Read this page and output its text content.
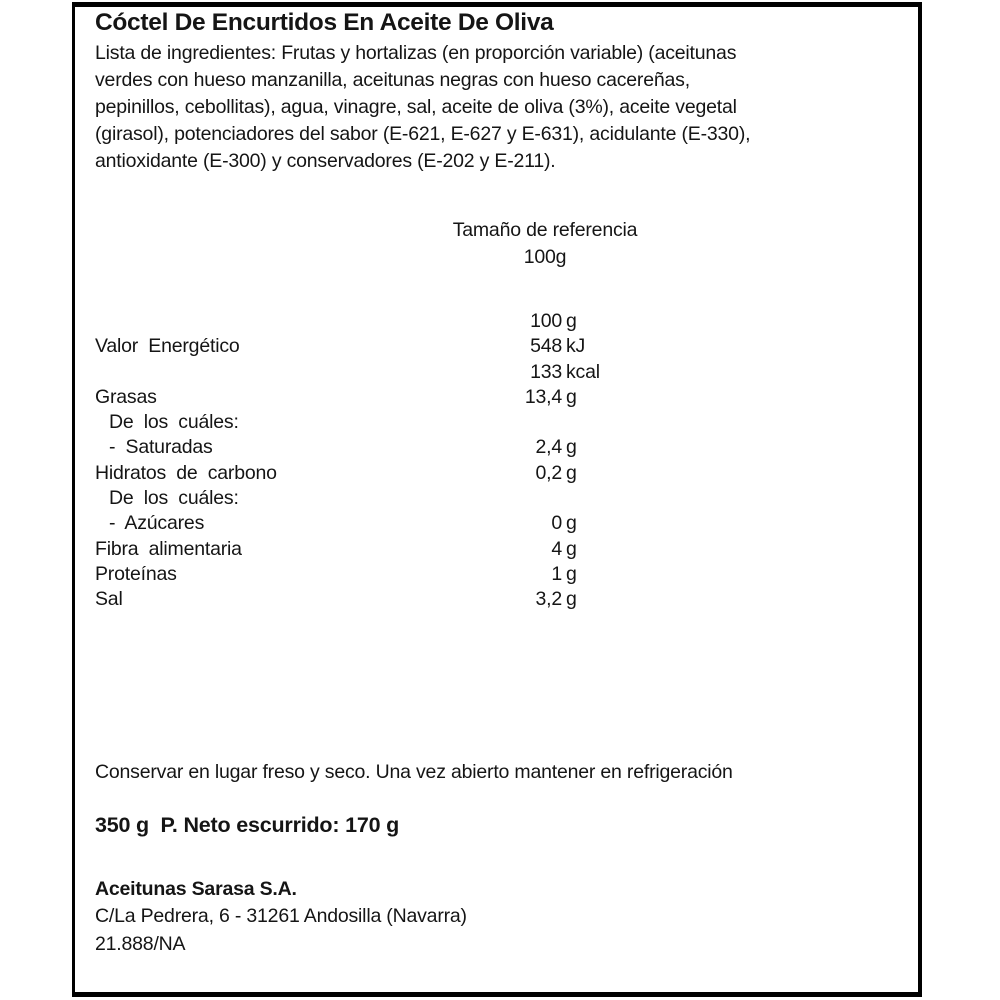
Cóctel De Encurtidos En Aceite De Oliva
Lista de ingredientes: Frutas y hortalizas (en proporción variable) (aceitunas
verdes con hueso manzanilla, aceitunas negras con hueso cacereñas,
pepinillos, cebollitas), agua, vinagre, sal, aceite de oliva (3%), aceite vegetal
(girasol), potenciadores del sabor (E-621, E-627 y E-631), acidulante (E-330),
antioxidante (E-300) y conservadores (E-202 y E-211).
Tamaño de referencia
100g
100 g
Valor Energético	548 kJ
133 kcal
Grasas	13,4 g
De los cuáles:
- Saturadas	2,4 g
Hidratos de carbono	0,2 g
De los cuáles:
- Azúcares	0 g
Fibra alimentaria	4 g
Proteínas	1 g
Sal	3,2 g
Conservar en lugar freso y seco. Una vez abierto mantener en refrigeración
350 g  P. Neto escurrido: 170 g
Aceitunas Sarasa S.A.
C/La Pedrera, 6 - 31261 Andosilla (Navarra)
21.888/NA
